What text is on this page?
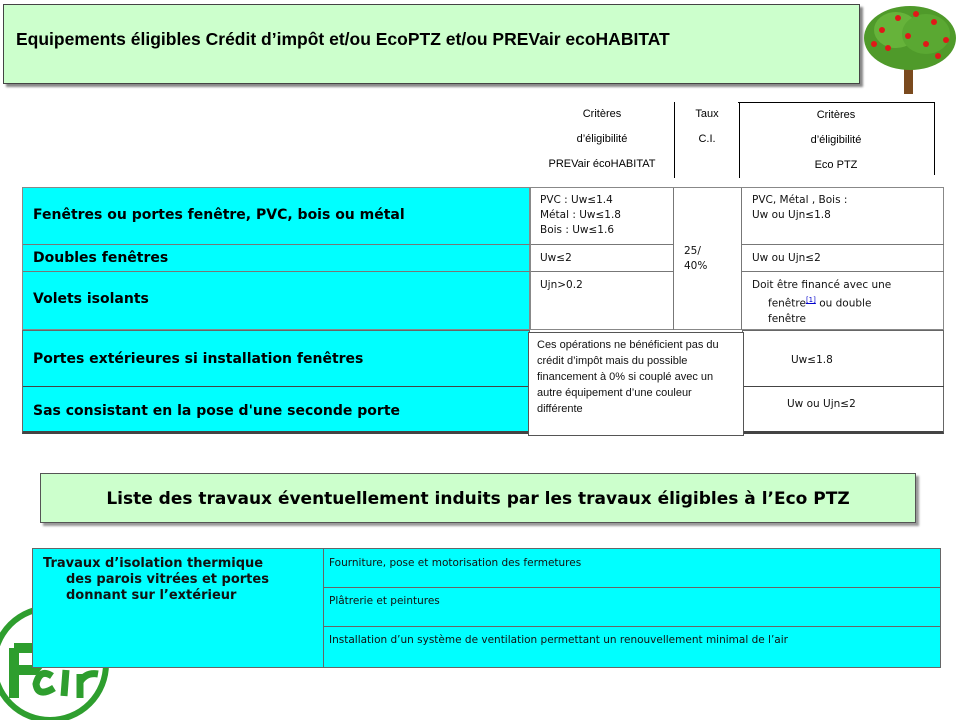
Equipements éligibles Crédit d’impôt et/ou EcoPTZ et/ou PREVair ecoHABITAT
Critères
d’éligibilité
PREVair écoHABITAT
Taux
C.I.
Critères
d’éligibilité
Eco PTZ
Fenêtres ou portes fenêtre, PVC, bois ou métal
Doubles fenêtres
Volets isolants
PVC : Uw≤1.4
Métal : Uw≤1.8
Bois : Uw≤1.6
Uw≤2
Ujn>0.2
25/
40%
PVC, Métal , Bois :
Uw ou Ujn≤1.8
Uw ou Ujn≤2
Doit être financé avec une
fenêtre[1] ou double
fenêtre
Portes extérieures si installation fenêtres
Sas consistant en la pose d'une seconde porte
Uw≤1.8
Uw ou Ujn≤2
Ces opérations ne bénéficient pas du crédit d’impôt mais du possible financement à 0% si couplé avec un autre équipement d’une couleur différente
Liste des travaux éventuellement induits par les travaux éligibles à l’Eco PTZ
Travaux d’isolation thermique
des parois vitrées et portes
donnant sur l’extérieur
Fourniture, pose et motorisation des fermetures
Plâtrerie et peintures
Installation d’un système de ventilation permettant un renouvellement minimal de l’air
